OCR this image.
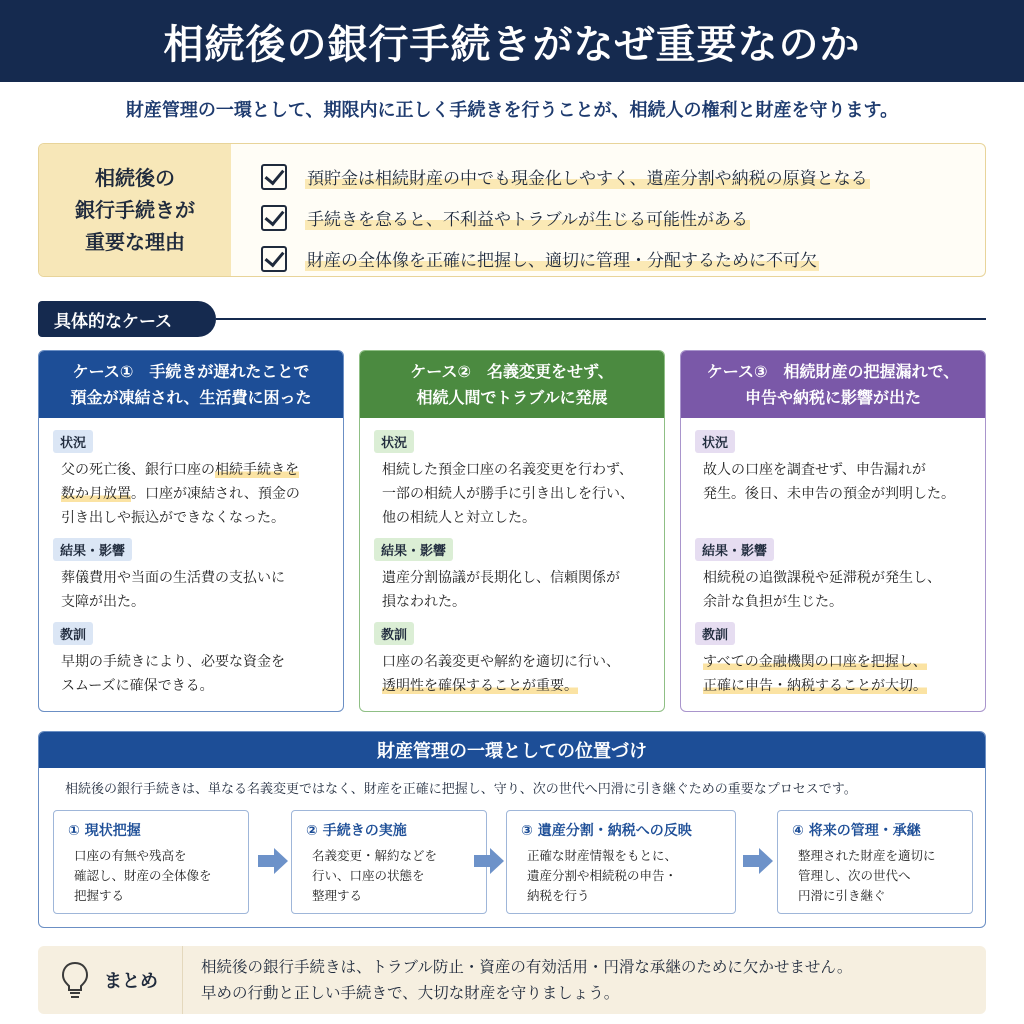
相続後の銀行手続きがなぜ重要なのか
財産管理の一環として、期限内に正しく手続きを行うことが、相続人の権利と財産を守ります。
相続後の
銀行手続きが
重要な理由
預貯金は相続財産の中でも現金化しやすく、遺産分割や納税の原資となる
手続きを怠ると、不利益やトラブルが生じる可能性がある
財産の全体像を正確に把握し、適切に管理・分配するために不可欠
具体的なケース
ケース①　手続きが遅れたことで
預金が凍結され、生活費に困った
状況
父の死亡後、銀行口座の相続手続きを
数か月放置。口座が凍結され、預金の
引き出しや振込ができなくなった。
結果・影響
葬儀費用や当面の生活費の支払いに
支障が出た。
教訓
早期の手続きにより、必要な資金を
スムーズに確保できる。
ケース②　名義変更をせず、
相続人間でトラブルに発展
状況
相続した預金口座の名義変更を行わず、
一部の相続人が勝手に引き出しを行い、
他の相続人と対立した。
結果・影響
遺産分割協議が長期化し、信頼関係が
損なわれた。
教訓
口座の名義変更や解約を適切に行い、
透明性を確保することが重要。
ケース③　相続財産の把握漏れで、
申告や納税に影響が出た
状況
故人の口座を調査せず、申告漏れが
発生。後日、未申告の預金が判明した。
結果・影響
相続税の追徴課税や延滞税が発生し、
余計な負担が生じた。
教訓
すべての金融機関の口座を把握し、
正確に申告・納税することが大切。
財産管理の一環としての位置づけ
相続後の銀行手続きは、単なる名義変更ではなく、財産を正確に把握し、守り、次の世代へ円滑に引き継ぐための重要なプロセスです。
① 現状把握
口座の有無や残高を
確認し、財産の全体像を
把握する
② 手続きの実施
名義変更・解約などを
行い、口座の状態を
整理する
③ 遺産分割・納税への反映
正確な財産情報をもとに、
遺産分割や相続税の申告・
納税を行う
④ 将来の管理・承継
整理された財産を適切に
管理し、次の世代へ
円滑に引き継ぐ
まとめ
相続後の銀行手続きは、トラブル防止・資産の有効活用・円滑な承継のために欠かせません。
早めの行動と正しい手続きで、大切な財産を守りましょう。
